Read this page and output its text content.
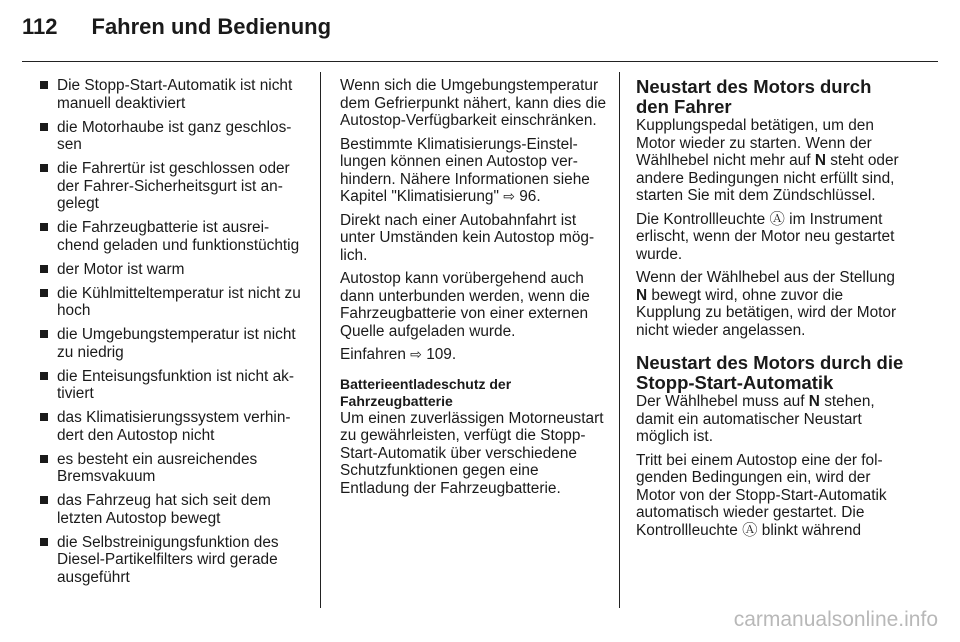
112 Fahren und Bedienung
Die Stopp-Start-Automatik ist nicht manuell deaktiviert
die Motorhaube ist ganz geschlossen
die Fahrertür ist geschlossen oder der Fahrer-Sicherheitsgurt ist angelegt
die Fahrzeugbatterie ist ausreichend geladen und funktionstüchtig
der Motor ist warm
die Kühlmitteltemperatur ist nicht zu hoch
die Umgebungstemperatur ist nicht zu niedrig
die Enteisungsfunktion ist nicht aktiviert
das Klimatisierungssystem verhindert den Autostop nicht
es besteht ein ausreichendes Bremsvakuum
das Fahrzeug hat sich seit dem letzten Autostop bewegt
die Selbstreinigungsfunktion des Diesel-Partikelfilters wird gerade ausgeführt

Wenn sich die Umgebungstemperatur dem Gefrierpunkt nähert, kann dies die Autostop-Verfügbarkeit einschränken.

Bestimmte Klimatisierungs-Einstellungen können einen Autostop verhindern. Nähere Informationen siehe Kapitel "Klimatisierung" ⇨ 96.

Direkt nach einer Autobahnfahrt ist unter Umständen kein Autostop möglich.

Autostop kann vorübergehend auch dann unterbunden werden, wenn die Fahrzeugbatterie von einer externen Quelle aufgeladen wurde.

Einfahren ⇨ 109.

Batterieentladeschutz der Fahrzeugbatterie

Um einen zuverlässigen Motorneustart zu gewährleisten, verfügt die Stopp-Start-Automatik über verschiedene Schutzfunktionen gegen eine Entladung der Fahrzeugbatterie.

Neustart des Motors durch den Fahrer

Kupplungspedal betätigen, um den Motor wieder zu starten. Wenn der Wählhebel nicht mehr auf N steht oder andere Bedingungen nicht erfüllt sind, starten Sie mit dem Zündschlüssel.

Die Kontrollleuchte Ⓐ im Instrument erlischt, wenn der Motor neu gestartet wurde.

Wenn der Wählhebel aus der Stellung N bewegt wird, ohne zuvor die Kupplung zu betätigen, wird der Motor nicht wieder angelassen.

Neustart des Motors durch die Stopp-Start-Automatik

Der Wählhebel muss auf N stehen, damit ein automatischer Neustart möglich ist.

Tritt bei einem Autostop eine der folgenden Bedingungen ein, wird der Motor von der Stopp-Start-Automatik automatisch wieder gestartet. Die Kontrollleuchte Ⓐ blinkt während

carmanualsonline.info
